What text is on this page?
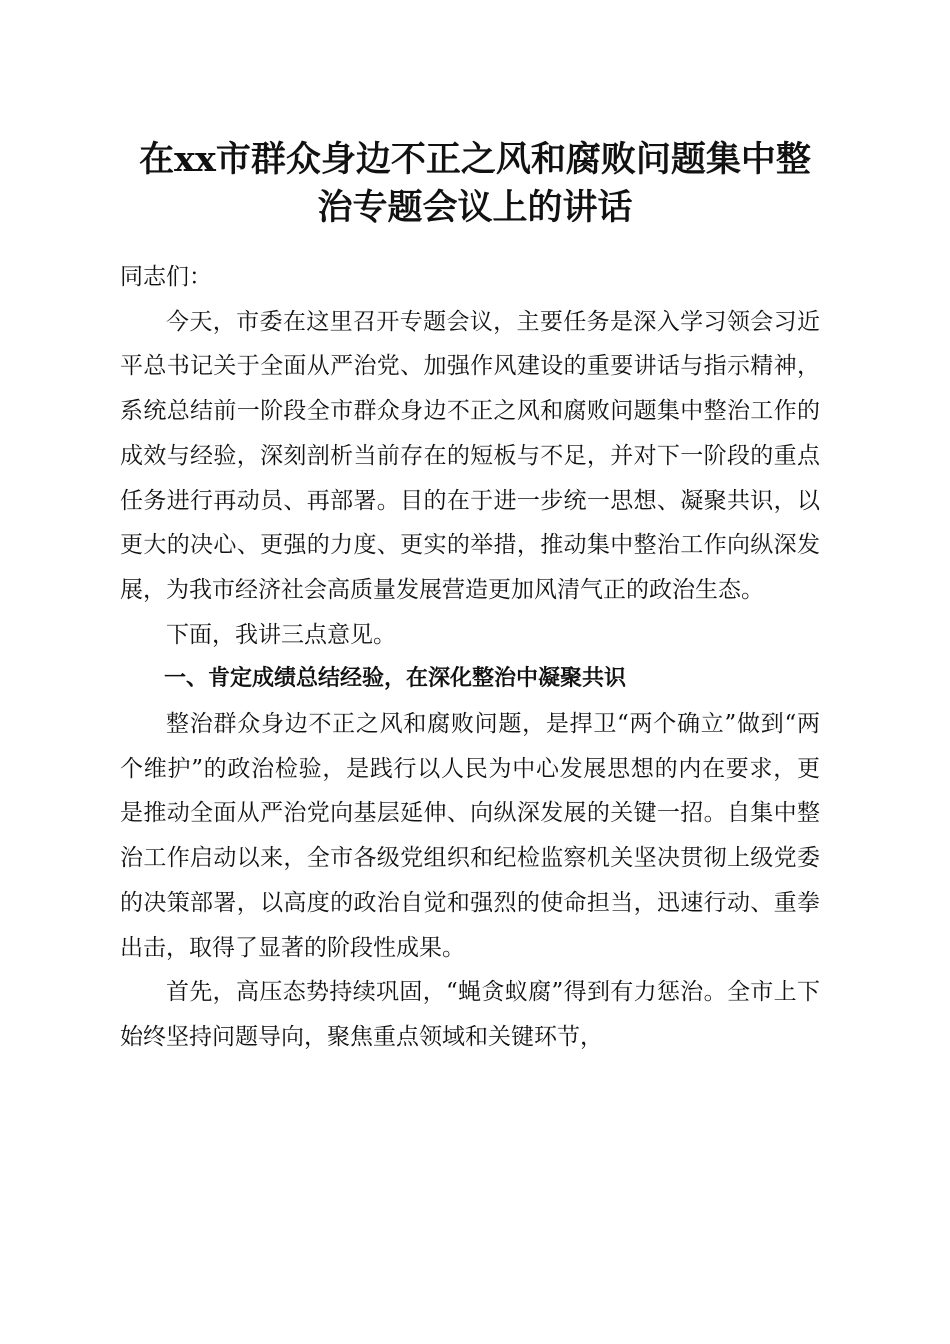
在xx市群众身边不正之风和腐败问题集中整
治专题会议上的讲话

同志们：

今天，市委在这里召开专题会议，主要任务是深入学习领会习近平总书记关于全面从严治党、加强作风建设的重要讲话与指示精神，系统总结前一阶段全市群众身边不正之风和腐败问题集中整治工作的成效与经验，深刻剖析当前存在的短板与不足，并对下一阶段的重点任务进行再动员、再部署。目的在于进一步统一思想、凝聚共识，以更大的决心、更强的力度、更实的举措，推动集中整治工作向纵深发展，为我市经济社会高质量发展营造更加风清气正的政治生态。

下面，我讲三点意见。

一、肯定成绩总结经验，在深化整治中凝聚共识

整治群众身边不正之风和腐败问题，是捍卫“两个确立”做到“两个维护”的政治检验，是践行以人民为中心发展思想的内在要求，更是推动全面从严治党向基层延伸、向纵深发展的关键一招。自集中整治工作启动以来，全市各级党组织和纪检监察机关坚决贯彻上级党委的决策部署，以高度的政治自觉和强烈的使命担当，迅速行动、重拳出击，取得了显著的阶段性成果。

首先，高压态势持续巩固，“蝇贪蚁腐”得到有力惩治。全市上下始终坚持问题导向，聚焦重点领域和关键环节，
